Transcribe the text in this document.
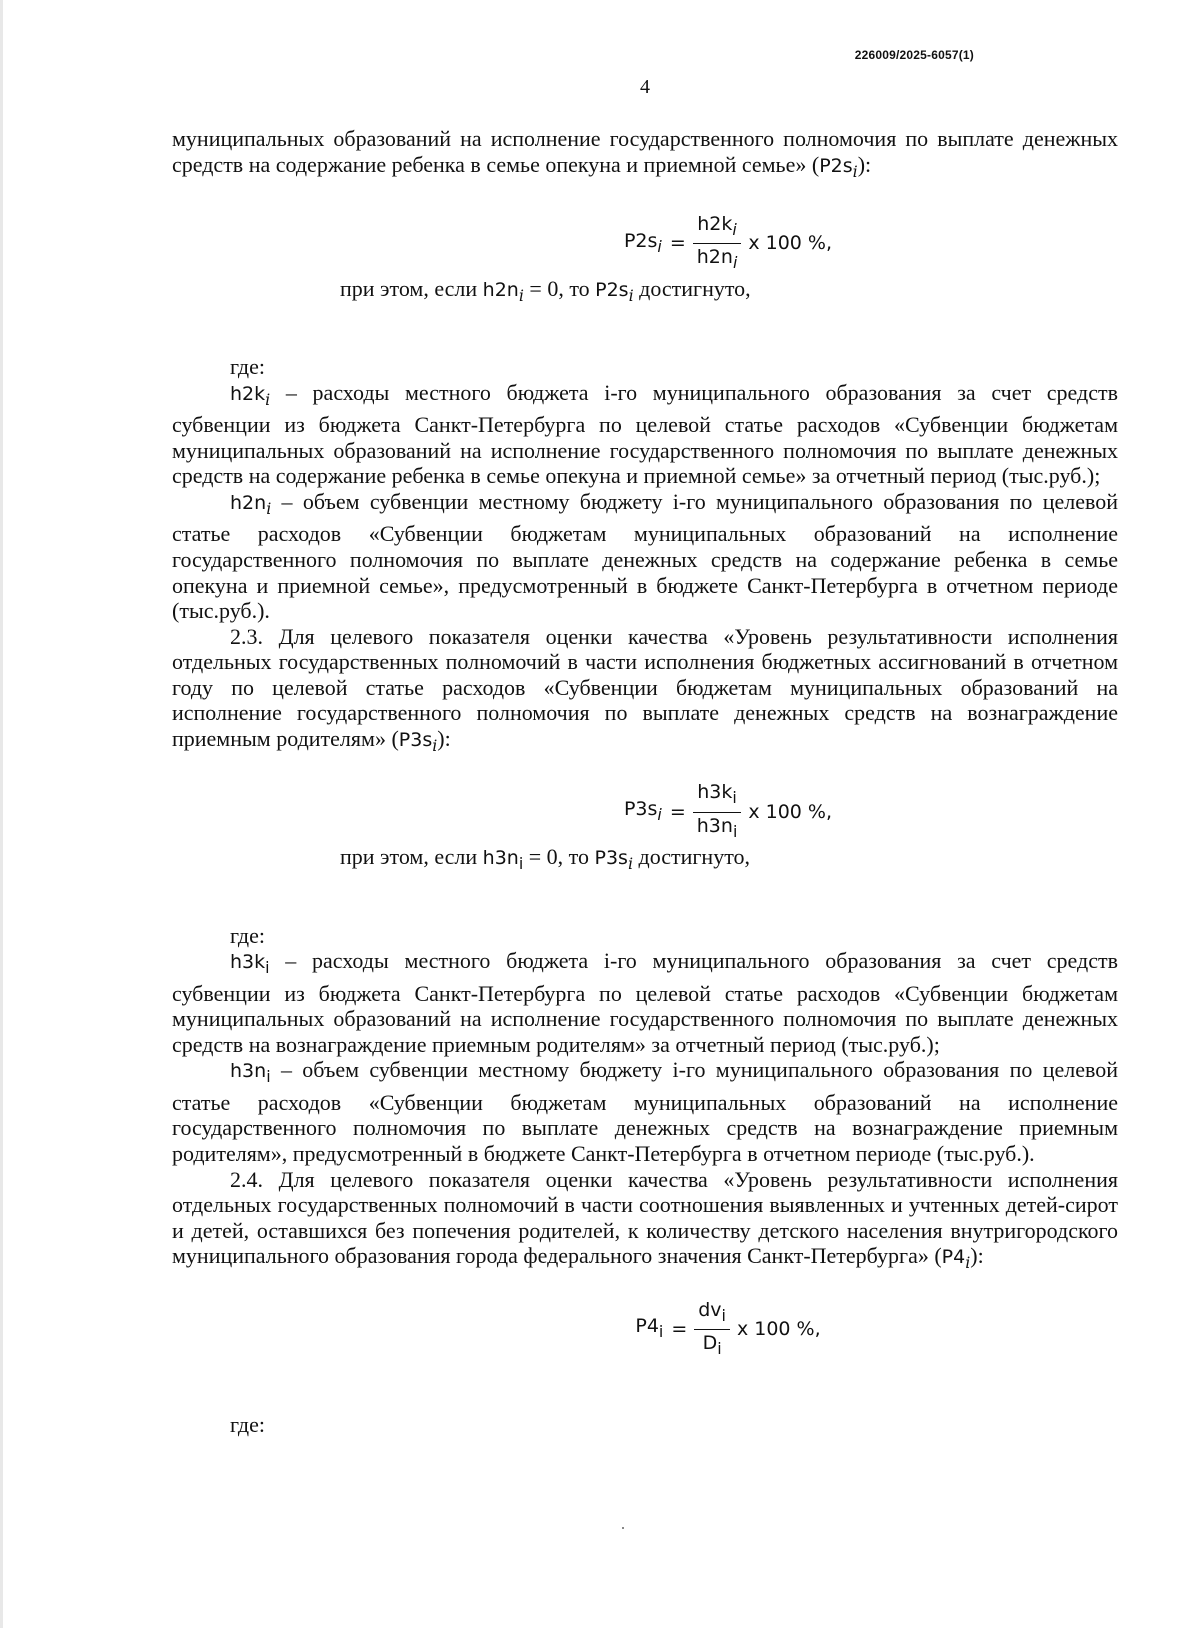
226009/2025-6057(1)
4

муниципальных образований на исполнение государственного полномочия по выплате денежных средств на содержание ребенка в семье опекуна и приемной семье» $(P2s_i)$:

$P2s_i = \frac{h2k_i}{h2n_i}$ x 100 %,

при этом, если $h2n_i = 0$, то $P2s_i$ достигнуто,

где:

$h2k_i$ – расходы местного бюджета i-го муниципального образования за счет средств субвенции из бюджета Санкт-Петербурга по целевой статье расходов «Субвенции бюджетам муниципальных образований на исполнение государственного полномочия по выплате денежных средств на содержание ребенка в семье опекуна и приемной семье» за отчетный период (тыс.руб.);

$h2n_i$ – объем субвенции местному бюджету i-го муниципального образования по целевой статье расходов «Субвенции бюджетам муниципальных образований на исполнение государственного полномочия по выплате денежных средств на содержание ребенка в семье опекуна и приемной семье», предусмотренный в бюджете Санкт-Петербурга в отчетном периоде (тыс.руб.).

2.3. Для целевого показателя оценки качества «Уровень результативности исполнения отдельных государственных полномочий в части исполнения бюджетных ассигнований в отчетном году по целевой статье расходов «Субвенции бюджетам муниципальных образований на исполнение государственного полномочия по выплате денежных средств на вознаграждение приемным родителям» $(P3s_i)$:

$P3s_i = \frac{h3k_i}{h3n_i}$ x 100 %,

при этом, если $h3n_i = 0$, то $P3s_i$ достигнуто,

где:

$h3k_i$ – расходы местного бюджета i-го муниципального образования за счет средств субвенции из бюджета Санкт-Петербурга по целевой статье расходов «Субвенции бюджетам муниципальных образований на исполнение государственного полномочия по выплате денежных средств на вознаграждение приемным родителям» за отчетный период (тыс.руб.);

$h3n_i$ – объем субвенции местному бюджету i-го муниципального образования по целевой статье расходов «Субвенции бюджетам муниципальных образований на исполнение государственного полномочия по выплате денежных средств на вознаграждение приемным родителям», предусмотренный в бюджете Санкт-Петербурга в отчетном периоде (тыс.руб.).

2.4. Для целевого показателя оценки качества «Уровень результативности исполнения отдельных государственных полномочий в части соотношения выявленных и учтенных детей-сирот и детей, оставшихся без попечения родителей, к количеству детского населения внутригородского муниципального образования города федерального значения Санкт-Петербурга» $(P4_i)$:

$P4_i = \frac{dv_i}{D_i}$ x 100 %,

где:
